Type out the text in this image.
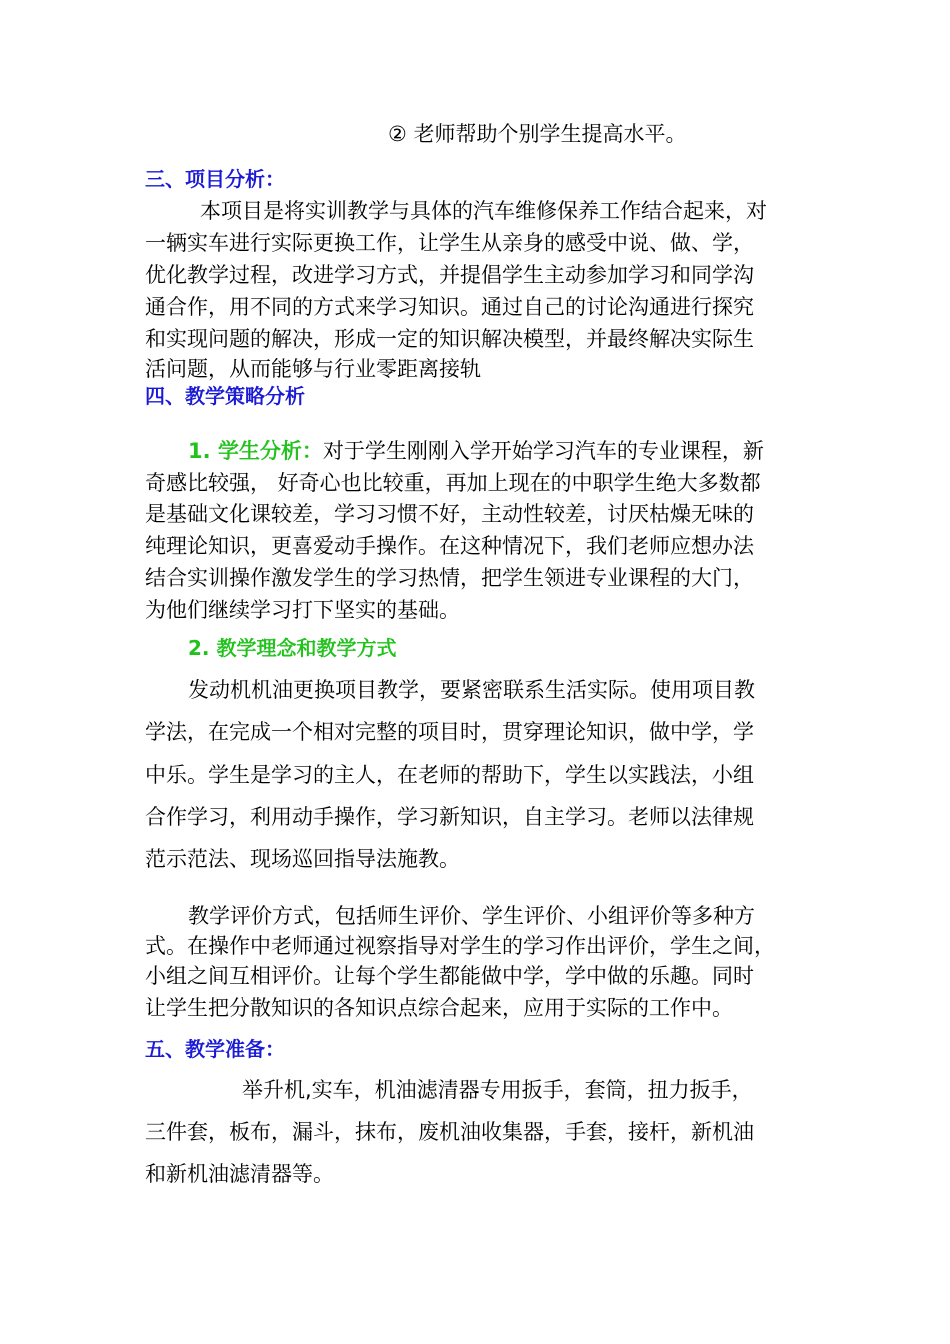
② 老师帮助个别学生提高水平。
三、项目分析：
本项目是将实训教学与具体的汽车维修保养工作结合起来，对
一辆实车进行实际更换工作，让学生从亲身的感受中说、做、学，
优化教学过程，改进学习方式，并提倡学生主动参加学习和同学沟
通合作，用不同的方式来学习知识。通过自己的讨论沟通进行探究
和实现问题的解决，形成一定的知识解决模型，并最终解决实际生
活问题，从而能够与行业零距离接轨
四、教学策略分析
1. 学生分析：对于学生刚刚入学开始学习汽车的专业课程，新
奇感比较强， 好奇心也比较重，再加上现在的中职学生绝大多数都
是基础文化课较差，学习习惯不好，主动性较差，讨厌枯燥无味的
纯理论知识，更喜爱动手操作。在这种情况下，我们老师应想办法
结合实训操作激发学生的学习热情，把学生领进专业课程的大门，
为他们继续学习打下坚实的基础。
2. 教学理念和教学方式
发动机机油更换项目教学，要紧密联系生活实际。使用项目教
学法，在完成一个相对完整的项目时，贯穿理论知识，做中学，学
中乐。学生是学习的主人，在老师的帮助下，学生以实践法，小组
合作学习，利用动手操作，学习新知识，自主学习。老师以法律规
范示范法、现场巡回指导法施教。
教学评价方式，包括师生评价、学生评价、小组评价等多种方
式。在操作中老师通过视察指导对学生的学习作出评价，学生之间，
小组之间互相评价。让每个学生都能做中学，学中做的乐趣。同时
让学生把分散知识的各知识点综合起来，应用于实际的工作中。
五、教学准备：
举升机,实车，机油滤清器专用扳手，套筒，扭力扳手，
三件套，板布，漏斗，抹布，废机油收集器，手套，接杆，新机油
和新机油滤清器等。
